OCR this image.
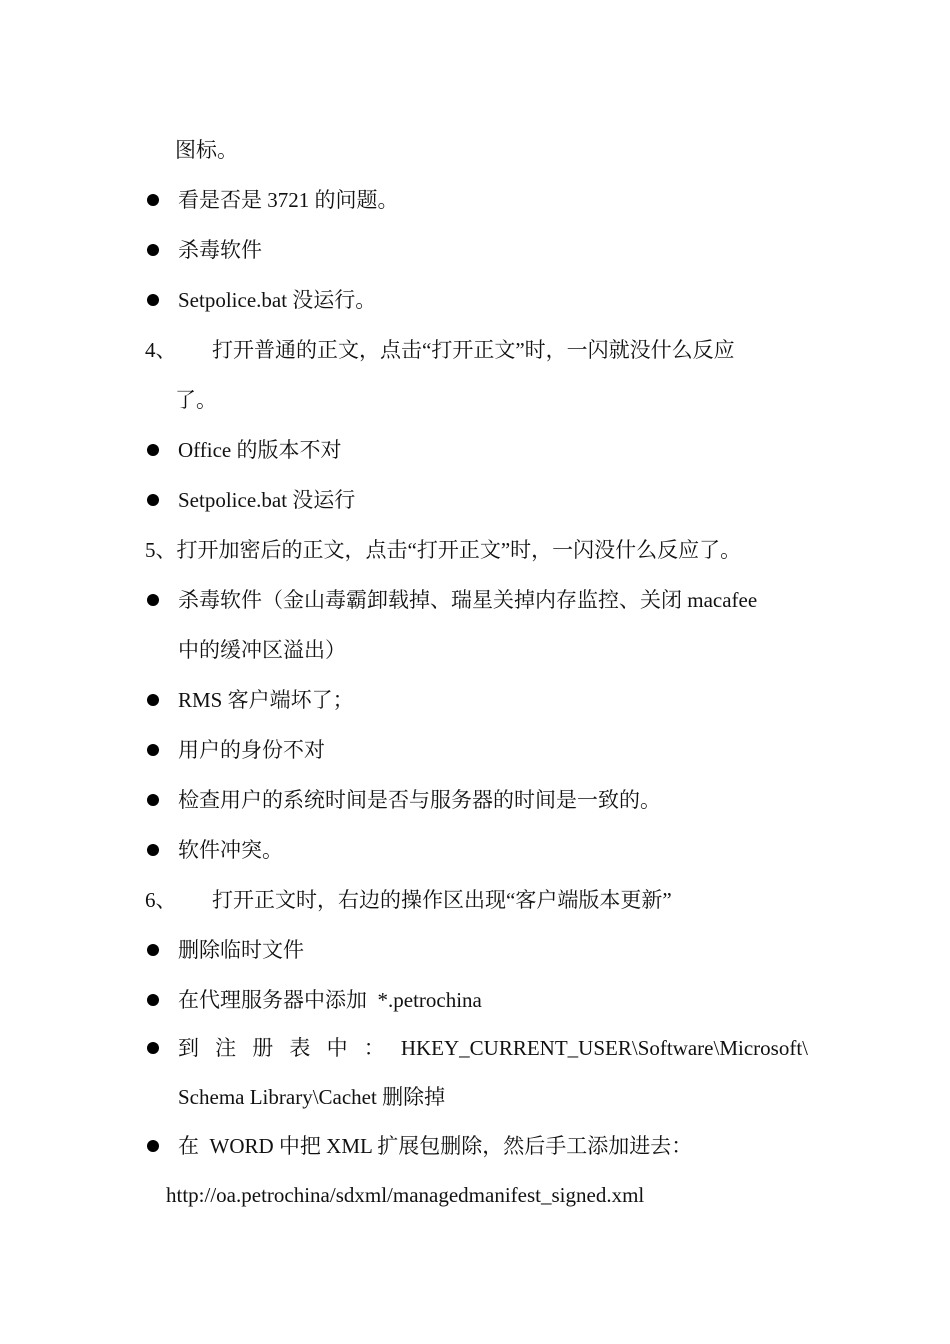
图标。
看是否是 3721 的问题。
杀毒软件
Setpolice.bat 没运行。
4、 打开普通的正文，点击“打开正文”时，一闪就没什么反应
了。
Office 的版本不对
Setpolice.bat 没运行
5、打开加密后的正文，点击“打开正文”时，一闪没什么反应了。
杀毒软件（金山毒霸卸载掉、瑞星关掉内存监控、关闭 macafee
中的缓冲区溢出）
RMS 客户端坏了；
用户的身份不对
检查用户的系统时间是否与服务器的时间是一致的。
软件冲突。
6、 打开正文时，右边的操作区出现“客户端版本更新”
删除临时文件
在代理服务器中添加  *.petrochina
到 注 册 表 中 ： HKEY_CURRENT_USER\Software\Microsoft\
Schema Library\Cachet 删除掉
在  WORD 中把 XML 扩展包删除，然后手工添加进去：
http://oa.petrochina/sdxml/managedmanifest_signed.xml
